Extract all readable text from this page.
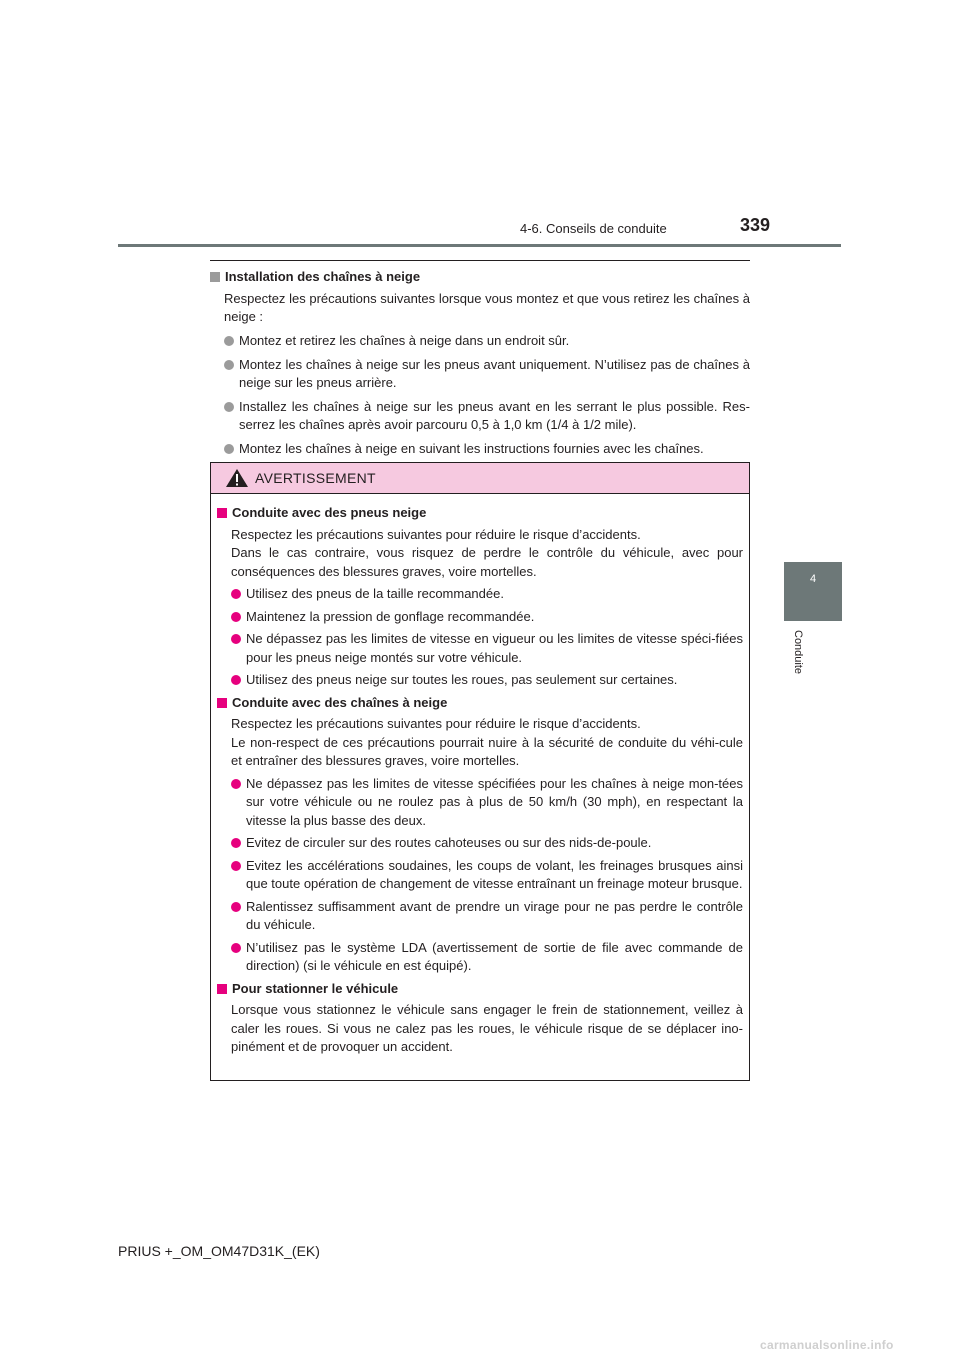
4-6. Conseils de conduite	339
4
Conduite
Installation des chaînes à neige
Respectez les précautions suivantes lorsque vous montez et que vous retirez les chaînes à neige :
Montez et retirez les chaînes à neige dans un endroit sûr.
Montez les chaînes à neige sur les pneus avant uniquement. N’utilisez pas de chaînes à neige sur les pneus arrière.
Installez les chaînes à neige sur les pneus avant en les serrant le plus possible. Res-serrez les chaînes après avoir parcouru 0,5 à 1,0 km (1/4 à 1/2 mile).
Montez les chaînes à neige en suivant les instructions fournies avec les chaînes.
AVERTISSEMENT
Conduite avec des pneus neige
Respectez les précautions suivantes pour réduire le risque d’accidents.
Dans le cas contraire, vous risquez de perdre le contrôle du véhicule, avec pour conséquences des blessures graves, voire mortelles.
Utilisez des pneus de la taille recommandée.
Maintenez la pression de gonflage recommandée.
Ne dépassez pas les limites de vitesse en vigueur ou les limites de vitesse spéci-fiées pour les pneus neige montés sur votre véhicule.
Utilisez des pneus neige sur toutes les roues, pas seulement sur certaines.
Conduite avec des chaînes à neige
Respectez les précautions suivantes pour réduire le risque d’accidents.
Le non-respect de ces précautions pourrait nuire à la sécurité de conduite du véhi-cule et entraîner des blessures graves, voire mortelles.
Ne dépassez pas les limites de vitesse spécifiées pour les chaînes à neige mon-tées sur votre véhicule ou ne roulez pas à plus de 50 km/h (30 mph), en respectant la vitesse la plus basse des deux.
Evitez de circuler sur des routes cahoteuses ou sur des nids-de-poule.
Evitez les accélérations soudaines, les coups de volant, les freinages brusques ainsi que toute opération de changement de vitesse entraînant un freinage moteur brusque.
Ralentissez suffisamment avant de prendre un virage pour ne pas perdre le contrôle du véhicule.
N’utilisez pas le système LDA (avertissement de sortie de file avec commande de direction) (si le véhicule en est équipé).
Pour stationner le véhicule
Lorsque vous stationnez le véhicule sans engager le frein de stationnement, veillez à caler les roues. Si vous ne calez pas les roues, le véhicule risque de se déplacer ino-pinément et de provoquer un accident.
PRIUS +_OM_OM47D31K_(EK)
carmanualsonline.info
